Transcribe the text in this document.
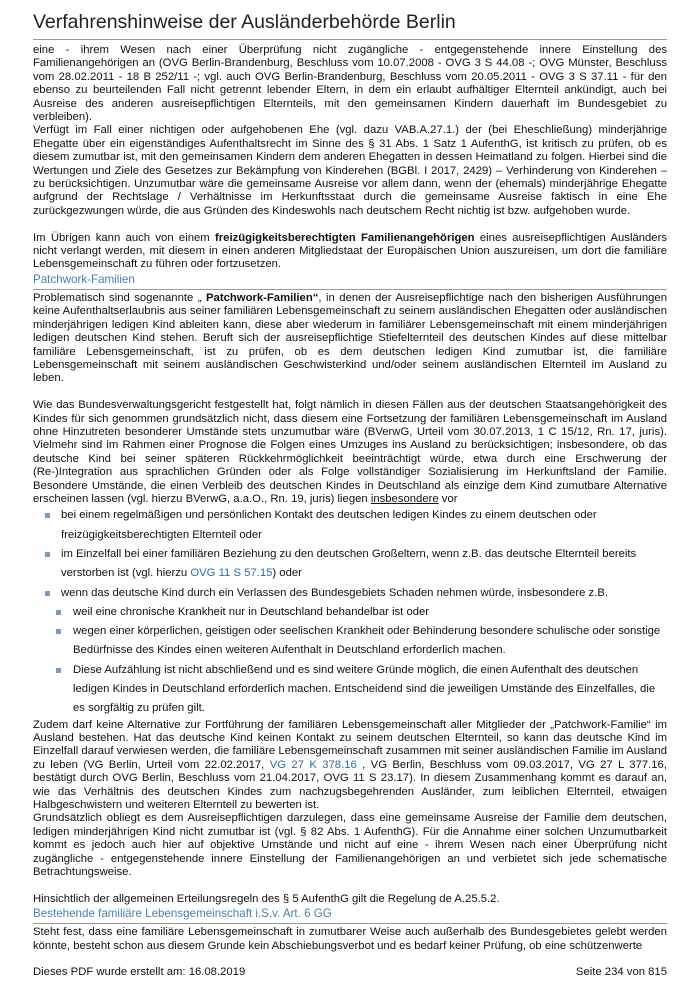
Verfahrenshinweise der Ausländerbehörde Berlin

eine - ihrem Wesen nach einer Überprüfung nicht zugängliche - entgegenstehende innere Einstellung des Familienangehörigen an (OVG Berlin-Brandenburg, Beschluss vom 10.07.2008 - OVG 3 S 44.08 -; OVG Münster, Beschluss vom 28.02.2011 - 18 B 252/11 -; vgl. auch OVG Berlin-Brandenburg, Beschluss vom 20.05.2011 - OVG 3 S 37.11 - für den ebenso zu beurteilenden Fall nicht getrennt lebender Eltern, in dem ein erlaubt aufhältiger Elternteil ankündigt, auch bei Ausreise des anderen ausreisepflichtigen Elternteils, mit den gemeinsamen Kindern dauerhaft im Bundesgebiet zu verbleiben).

Verfügt im Fall einer nichtigen oder aufgehobenen Ehe (vgl. dazu VAB.A.27.1.) der (bei Eheschließung) minderjährige Ehegatte über ein eigenständiges Aufenthaltsrecht im Sinne des § 31 Abs. 1 Satz 1 AufenthG, ist kritisch zu prüfen, ob es diesem zumutbar ist, mit den gemeinsamen Kindern dem anderen Ehegatten in dessen Heimatland zu folgen. Hierbei sind die Wertungen und Ziele des Gesetzes zur Bekämpfung von Kinderehen (BGBl. I 2017, 2429) – Verhinderung von Kinderehen – zu berücksichtigen. Unzumutbar wäre die gemeinsame Ausreise vor allem dann, wenn der (ehemals) minderjährige Ehegatte aufgrund der Rechtslage / Verhältnisse im Herkunftsstaat durch die gemeinsame Ausreise faktisch in eine Ehe zurückgezwungen würde, die aus Gründen des Kindeswohls nach deutschem Recht nichtig ist bzw. aufgehoben wurde.

Im Übrigen kann auch von einem freizügigkeitsberechtigten Familienangehörigen eines ausreisepflichtigen Ausländers nicht verlangt werden, mit diesem in einen anderen Mitgliedstaat der Europäischen Union auszureisen, um dort die familiäre Lebensgemeinschaft zu führen oder fortzusetzen.

Patchwork-Familien

Problematisch sind sogenannte „ Patchwork-Familien“, in denen der Ausreisepflichtige nach den bisherigen Ausführungen keine Aufenthaltserlaubnis aus seiner familiären Lebensgemeinschaft zu seinem ausländischen Ehegatten oder ausländischen minderjährigen ledigen Kind ableiten kann, diese aber wiederum in familiärer Lebensgemeinschaft mit einem minderjährigen ledigen deutschen Kind stehen. Beruft sich der ausreisepflichtige Stiefelternteil des deutschen Kindes auf diese mittelbar familiäre Lebensgemeinschaft, ist zu prüfen, ob es dem deutschen ledigen Kind zumutbar ist, die familiäre Lebensgemeinschaft mit seinem ausländischen Geschwisterkind und/oder seinem ausländischen Elternteil im Ausland zu leben.

Wie das Bundesverwaltungsgericht festgestellt hat, folgt nämlich in diesen Fällen aus der deutschen Staatsangehörigkeit des Kindes für sich genommen grundsätzlich nicht, dass diesem eine Fortsetzung der familiären Lebensgemeinschaft im Ausland ohne Hinzutreten besonderer Umstände stets unzumutbar wäre (BVerwG, Urteil vom 30.07.2013, 1 C 15/12, Rn. 17, juris). Vielmehr sind im Rahmen einer Prognose die Folgen eines Umzuges ins Ausland zu berücksichtigen; insbesondere, ob das deutsche Kind bei seiner späteren Rückkehrmöglichkeit beeinträchtigt würde, etwa durch eine Erschwerung der (Re-)Integration aus sprachlichen Gründen oder als Folge vollständiger Sozialisierung im Herkunftsland der Familie. Besondere Umstände, die einen Verbleib des deutschen Kindes in Deutschland als einzige dem Kind zumutbare Alternative erscheinen lassen (vgl. hierzu BVerwG, a.a.O., Rn. 19, juris) liegen insbesondere vor

bei einem regelmäßigen und persönlichen Kontakt des deutschen ledigen Kindes zu einem deutschen oder freizügigkeitsberechtigten Elternteil oder
im Einzelfall bei einer familiären Beziehung zu den deutschen Großeltern, wenn z.B. das deutsche Elternteil bereits verstorben ist (vgl. hierzu OVG 11 S 57.15) oder
wenn das deutsche Kind durch ein Verlassen des Bundesgebiets Schaden nehmen würde, insbesondere z.B.
weil eine chronische Krankheit nur in Deutschland behandelbar ist oder
wegen einer körperlichen, geistigen oder seelischen Krankheit oder Behinderung besondere schulische oder sonstige Bedürfnisse des Kindes einen weiteren Aufenthalt in Deutschland erforderlich machen.
Diese Aufzählung ist nicht abschließend und es sind weitere Gründe möglich, die einen Aufenthalt des deutschen ledigen Kindes in Deutschland erforderlich machen. Entscheidend sind die jeweiligen Umstände des Einzelfalles, die es sorgfältig zu prüfen gilt.

Zudem darf keine Alternative zur Fortführung der familiären Lebensgemeinschaft aller Mitglieder der „Patchwork-Familie“ im Ausland bestehen. Hat das deutsche Kind keinen Kontakt zu seinem deutschen Elternteil, so kann das deutsche Kind im Einzelfall darauf verwiesen werden, die familiäre Lebensgemeinschaft zusammen mit seiner ausländischen Familie im Ausland zu leben (VG Berlin, Urteil vom 22.02.2017, VG 27 K 378.16 , VG Berlin, Beschluss vom 09.03.2017, VG 27 L 377.16, bestätigt durch OVG Berlin, Beschluss vom 21.04.2017, OVG 11 S 23.17). In diesem Zusammenhang kommt es darauf an, wie das Verhältnis des deutschen Kindes zum nachzugsbegehrenden Ausländer, zum leiblichen Elternteil, etwaigen Halbgeschwistern und weiteren Elternteil zu bewerten ist.

Grundsätzlich obliegt es dem Ausreisepflichtigen darzulegen, dass eine gemeinsame Ausreise der Familie dem deutschen, ledigen minderjährigen Kind nicht zumutbar ist (vgl. § 82 Abs. 1 AufenthG). Für die Annahme einer solchen Unzumutbarkeit kommt es jedoch auch hier auf objektive Umstände und nicht auf eine - ihrem Wesen nach einer Überprüfung nicht zugängliche - entgegenstehende innere Einstellung der Familienangehörigen an und verbietet sich jede schematische Betrachtungsweise.

Hinsichtlich der allgemeinen Erteilungsregeln des § 5 AufenthG gilt die Regelung de A.25.5.2.

Bestehende familiäre Lebensgemeinschaft i.S.v. Art. 6 GG

Steht fest, dass eine familiäre Lebensgemeinschaft in zumutbarer Weise auch außerhalb des Bundesgebietes gelebt werden könnte, besteht schon aus diesem Grunde kein Abschiebungsverbot und es bedarf keiner Prüfung, ob eine schützenwerte

Dieses PDF wurde erstellt am: 16.08.2019	Seite 234 von 815
